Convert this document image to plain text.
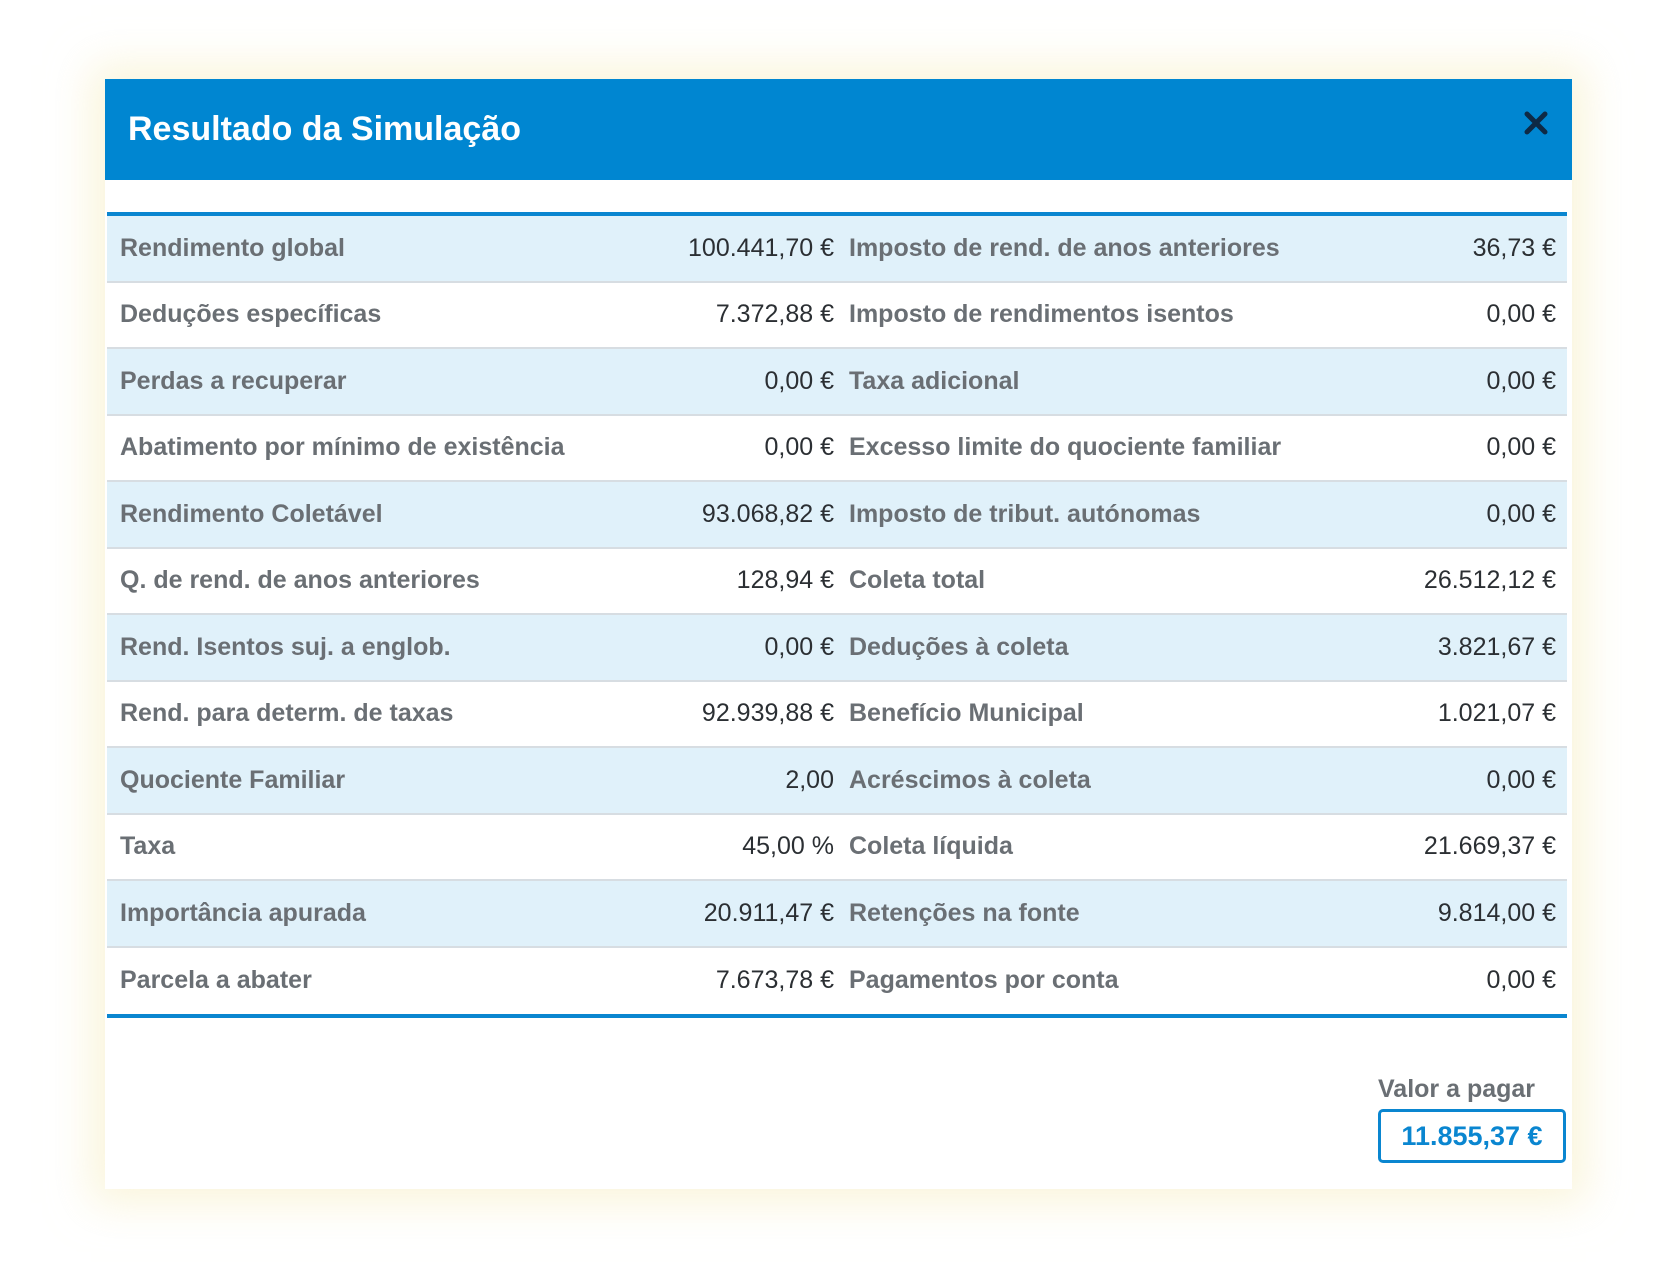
Resultado da Simulação
Rendimento global	100.441,70 € Imposto de rend. de anos anteriores	36,73 €
Deduções específicas	7.372,88 € Imposto de rendimentos isentos	0,00 €
Perdas a recuperar	0,00 € Taxa adicional	0,00 €
Abatimento por mínimo de existência	0,00 € Excesso limite do quociente familiar	0,00 €
Rendimento Coletável	93.068,82 € Imposto de tribut. autónomas	0,00 €
Q. de rend. de anos anteriores	128,94 € Coleta total	26.512,12 €
Rend. Isentos suj. a englob.	0,00 € Deduções à coleta	3.821,67 €
Rend. para determ. de taxas	92.939,88 € Benefício Municipal	1.021,07 €
Quociente Familiar	2,00 Acréscimos à coleta	0,00 €
Taxa	45,00 % Coleta líquida	21.669,37 €
Importância apurada	20.911,47 € Retenções na fonte	9.814,00 €
Parcela a abater	7.673,78 € Pagamentos por conta	0,00 €
Valor a pagar
11.855,37 €
